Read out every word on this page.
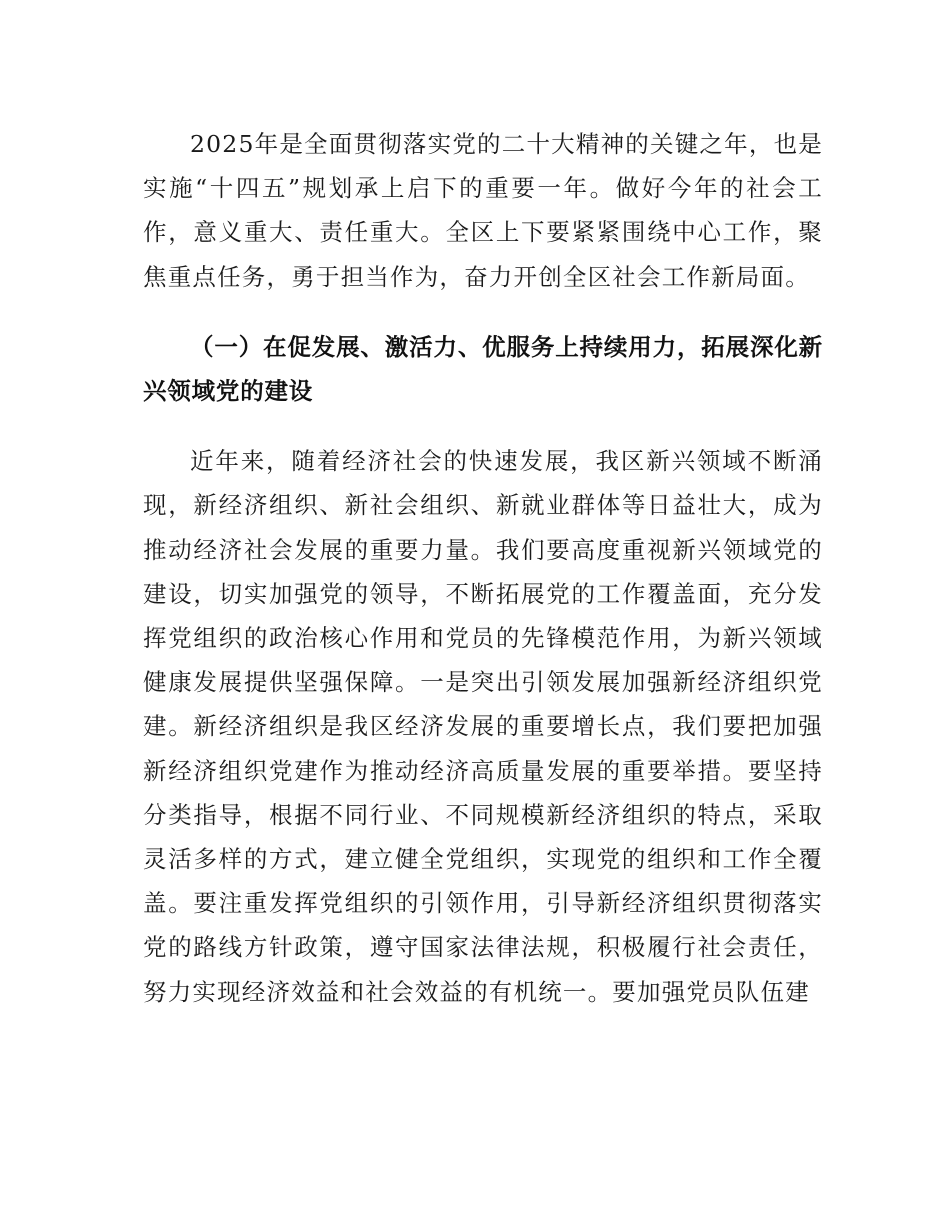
2025年是全面贯彻落实党的二十大精神的关键之年，也是实施“十四五”规划承上启下的重要一年。做好今年的社会工作，意义重大、责任重大。全区上下要紧紧围绕中心工作，聚焦重点任务，勇于担当作为，奋力开创全区社会工作新局面。

（一）在促发展、激活力、优服务上持续用力，拓展深化新兴领域党的建设

近年来，随着经济社会的快速发展，我区新兴领域不断涌现，新经济组织、新社会组织、新就业群体等日益壮大，成为推动经济社会发展的重要力量。我们要高度重视新兴领域党的建设，切实加强党的领导，不断拓展党的工作覆盖面，充分发挥党组织的政治核心作用和党员的先锋模范作用，为新兴领域健康发展提供坚强保障。一是突出引领发展加强新经济组织党建。新经济组织是我区经济发展的重要增长点，我们要把加强新经济组织党建作为推动经济高质量发展的重要举措。要坚持分类指导，根据不同行业、不同规模新经济组织的特点，采取灵活多样的方式，建立健全党组织，实现党的组织和工作全覆盖。要注重发挥党组织的引领作用，引导新经济组织贯彻落实党的路线方针政策，遵守国家法律法规，积极履行社会责任，努力实现经济效益和社会效益的有机统一。要加强党员队伍建
